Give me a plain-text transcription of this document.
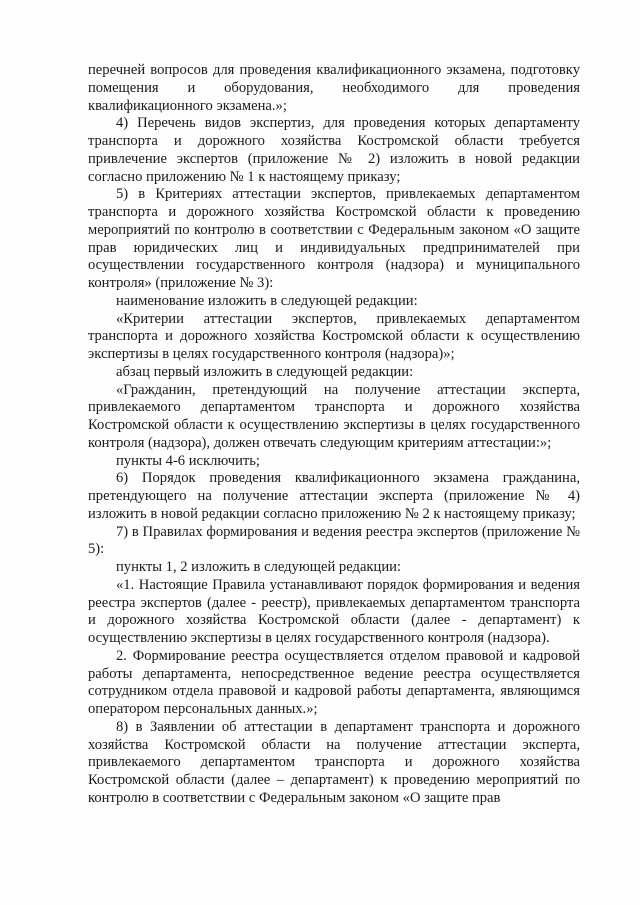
перечней вопросов для проведения квалификационного экзамена, подготовку помещения и оборудования, необходимого для проведения квалификационного экзамена.»;

4) Перечень видов экспертиз, для проведения которых департаменту транспорта и дорожного хозяйства Костромской области требуется привлечение экспертов (приложение № 2) изложить в новой редакции согласно приложению № 1 к настоящему приказу;

5) в Критериях аттестации экспертов, привлекаемых департаментом транспорта и дорожного хозяйства Костромской области к проведению мероприятий по контролю в соответствии с Федеральным законом «О защите прав юридических лиц и индивидуальных предпринимателей при осуществлении государственного контроля (надзора) и муниципального контроля» (приложение № 3):

наименование изложить в следующей редакции:

«Критерии аттестации экспертов, привлекаемых департаментом транспорта и дорожного хозяйства Костромской области к осуществлению экспертизы в целях государственного контроля (надзора)»;

абзац первый изложить в следующей редакции:

«Гражданин, претендующий на получение аттестации эксперта, привлекаемого департаментом транспорта и дорожного хозяйства Костромской области к осуществлению экспертизы в целях государственного контроля (надзора), должен отвечать следующим критериям аттестации:»;

пункты 4-6 исключить;

6) Порядок проведения квалификационного экзамена гражданина, претендующего на получение аттестации эксперта (приложение № 4) изложить в новой редакции согласно приложению № 2 к настоящему приказу;

7) в Правилах формирования и ведения реестра экспертов (приложение № 5):

пункты 1, 2 изложить в следующей редакции:

«1. Настоящие Правила устанавливают порядок формирования и ведения реестра экспертов (далее - реестр), привлекаемых департаментом транспорта и дорожного хозяйства Костромской области (далее - департамент) к осуществлению экспертизы в целях государственного контроля (надзора).

2. Формирование реестра осуществляется отделом правовой и кадровой работы департамента, непосредственное ведение реестра осуществляется сотрудником отдела правовой и кадровой работы департамента, являющимся оператором персональных данных.»;

8) в Заявлении об аттестации в департамент транспорта и дорожного хозяйства Костромской области на получение аттестации эксперта, привлекаемого департаментом транспорта и дорожного хозяйства Костромской области (далее – департамент) к проведению мероприятий по контролю в соответствии с Федеральным законом «О защите прав
